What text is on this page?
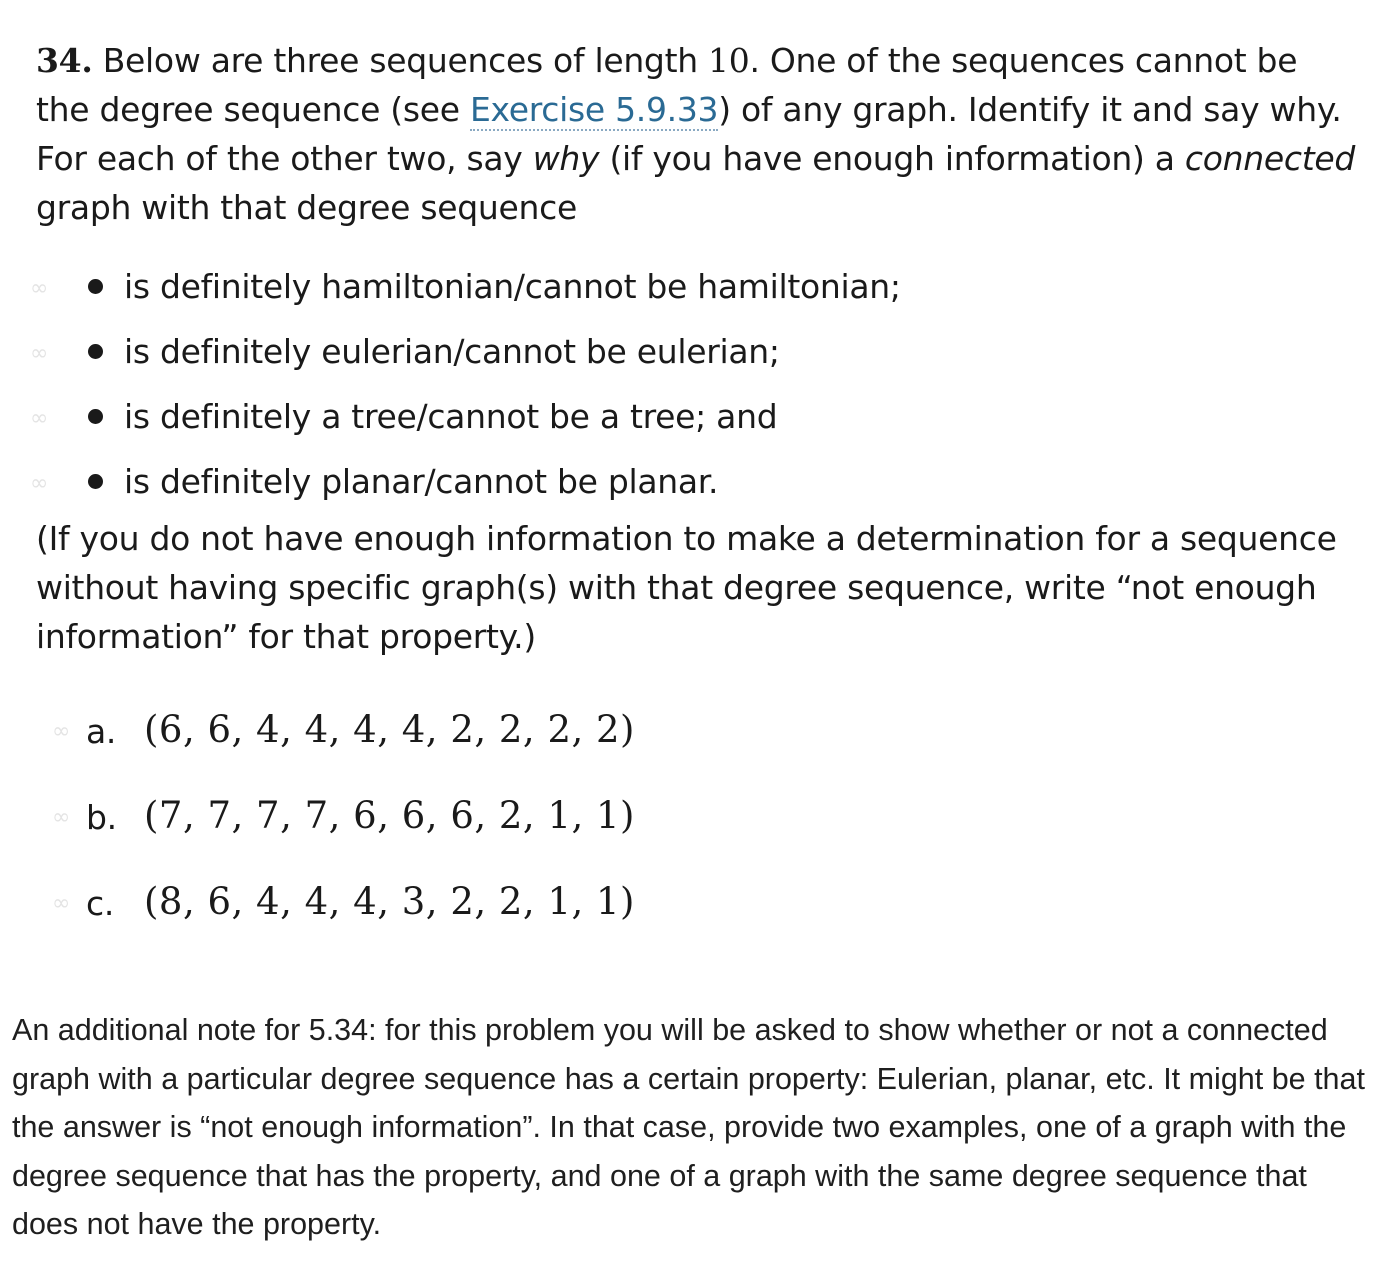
34. Below are three sequences of length 10. One of the sequences cannot be the degree sequence (see Exercise 5.9.33) of any graph. Identify it and say why. For each of the other two, say why (if you have enough information) a connected graph with that degree sequence

∞ is definitely hamiltonian/cannot be hamiltonian;
∞ is definitely eulerian/cannot be eulerian;
∞ is definitely a tree/cannot be a tree; and
∞ is definitely planar/cannot be planar.

(If you do not have enough information to make a determination for a sequence without having specific graph(s) with that degree sequence, write “not enough information” for that property.)

∞ a. (6, 6, 4, 4, 4, 4, 2, 2, 2, 2)
∞ b. (7, 7, 7, 7, 6, 6, 6, 2, 1, 1)
∞ c. (8, 6, 4, 4, 4, 3, 2, 2, 1, 1)

An additional note for 5.34: for this problem you will be asked to show whether or not a connected graph with a particular degree sequence has a certain property: Eulerian, planar, etc. It might be that the answer is “not enough information”. In that case, provide two examples, one of a graph with the degree sequence that has the property, and one of a graph with the same degree sequence that does not have the property.
